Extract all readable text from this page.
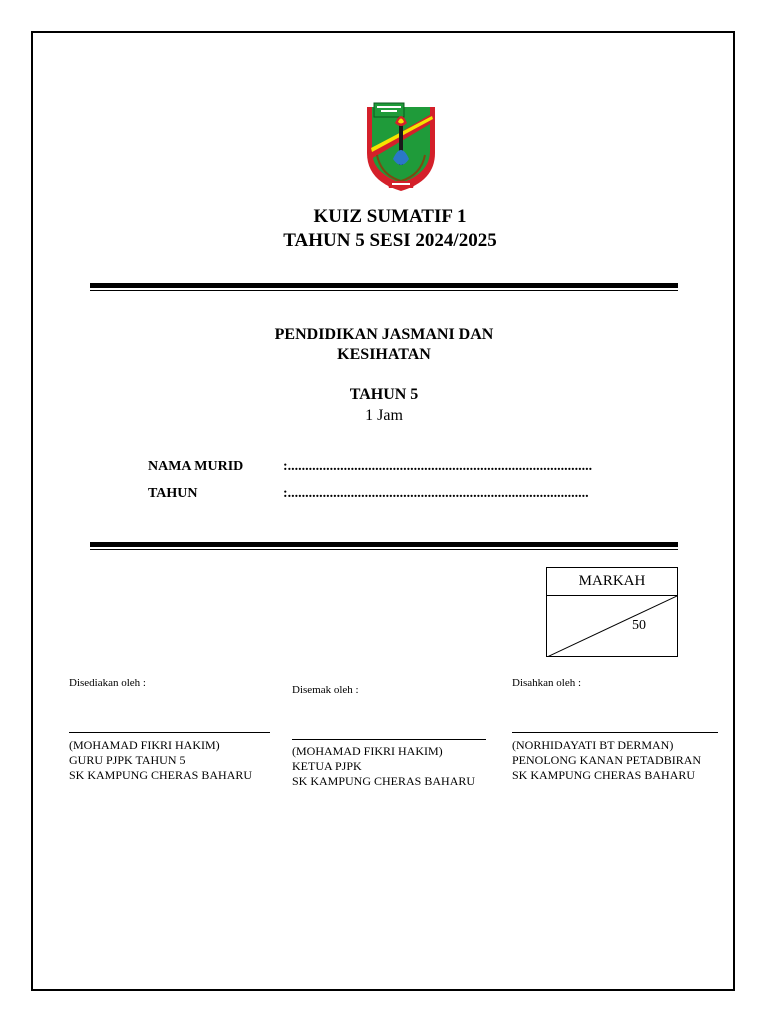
KUIZ SUMATIF 1
TAHUN 5 SESI 2024/2025
PENDIDIKAN JASMANI DAN
KESIHATAN
TAHUN 5
1 Jam
NAMA MURID	:.......................................................................................
TAHUN	:......................................................................................
MARKAH
50
Disediakan oleh :
(MOHAMAD FIKRI HAKIM)
GURU PJPK TAHUN 5
SK KAMPUNG CHERAS BAHARU
Disemak oleh :
(MOHAMAD FIKRI HAKIM)
KETUA PJPK
SK KAMPUNG CHERAS BAHARU
Disahkan oleh :
(NORHIDAYATI BT DERMAN)
PENOLONG KANAN PETADBIRAN
SK KAMPUNG CHERAS BAHARU
